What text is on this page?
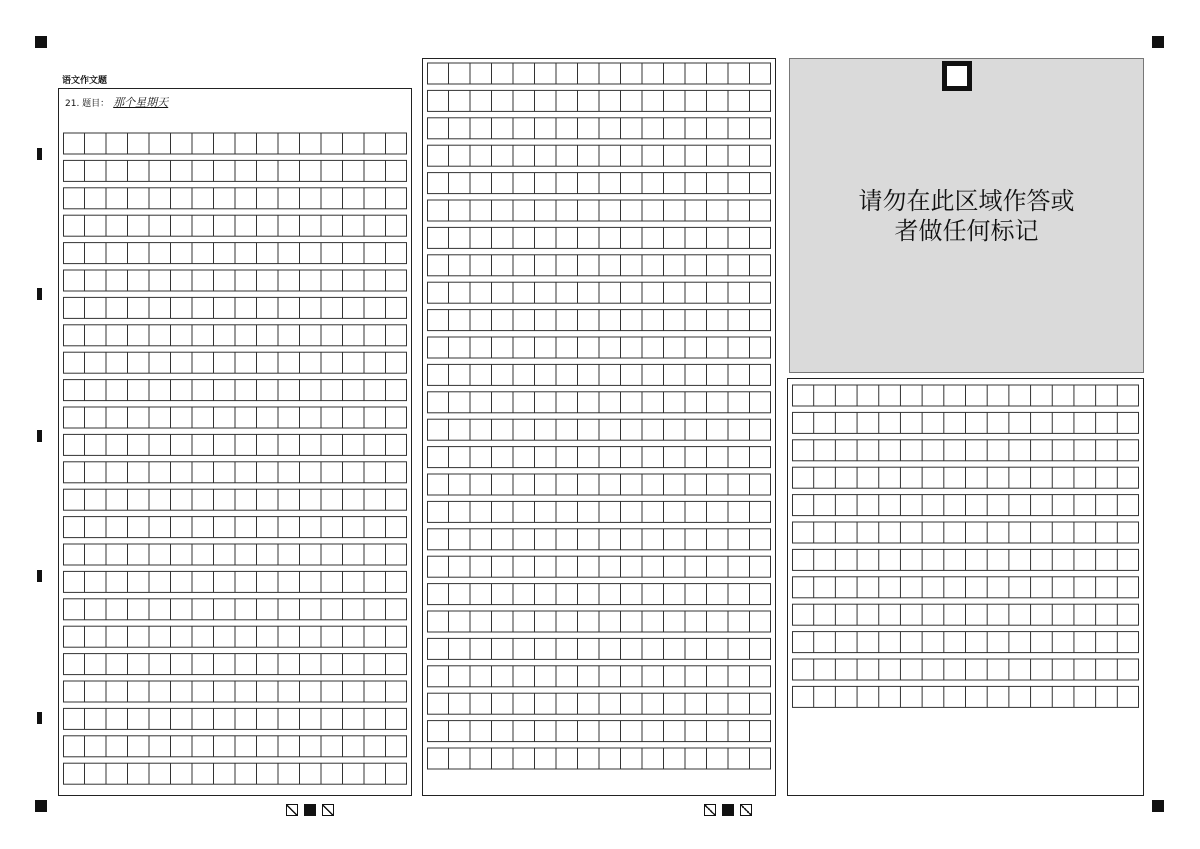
语文作文题
21. 题目： 那个星期天
请勿在此区域作答或
者做任何标记
